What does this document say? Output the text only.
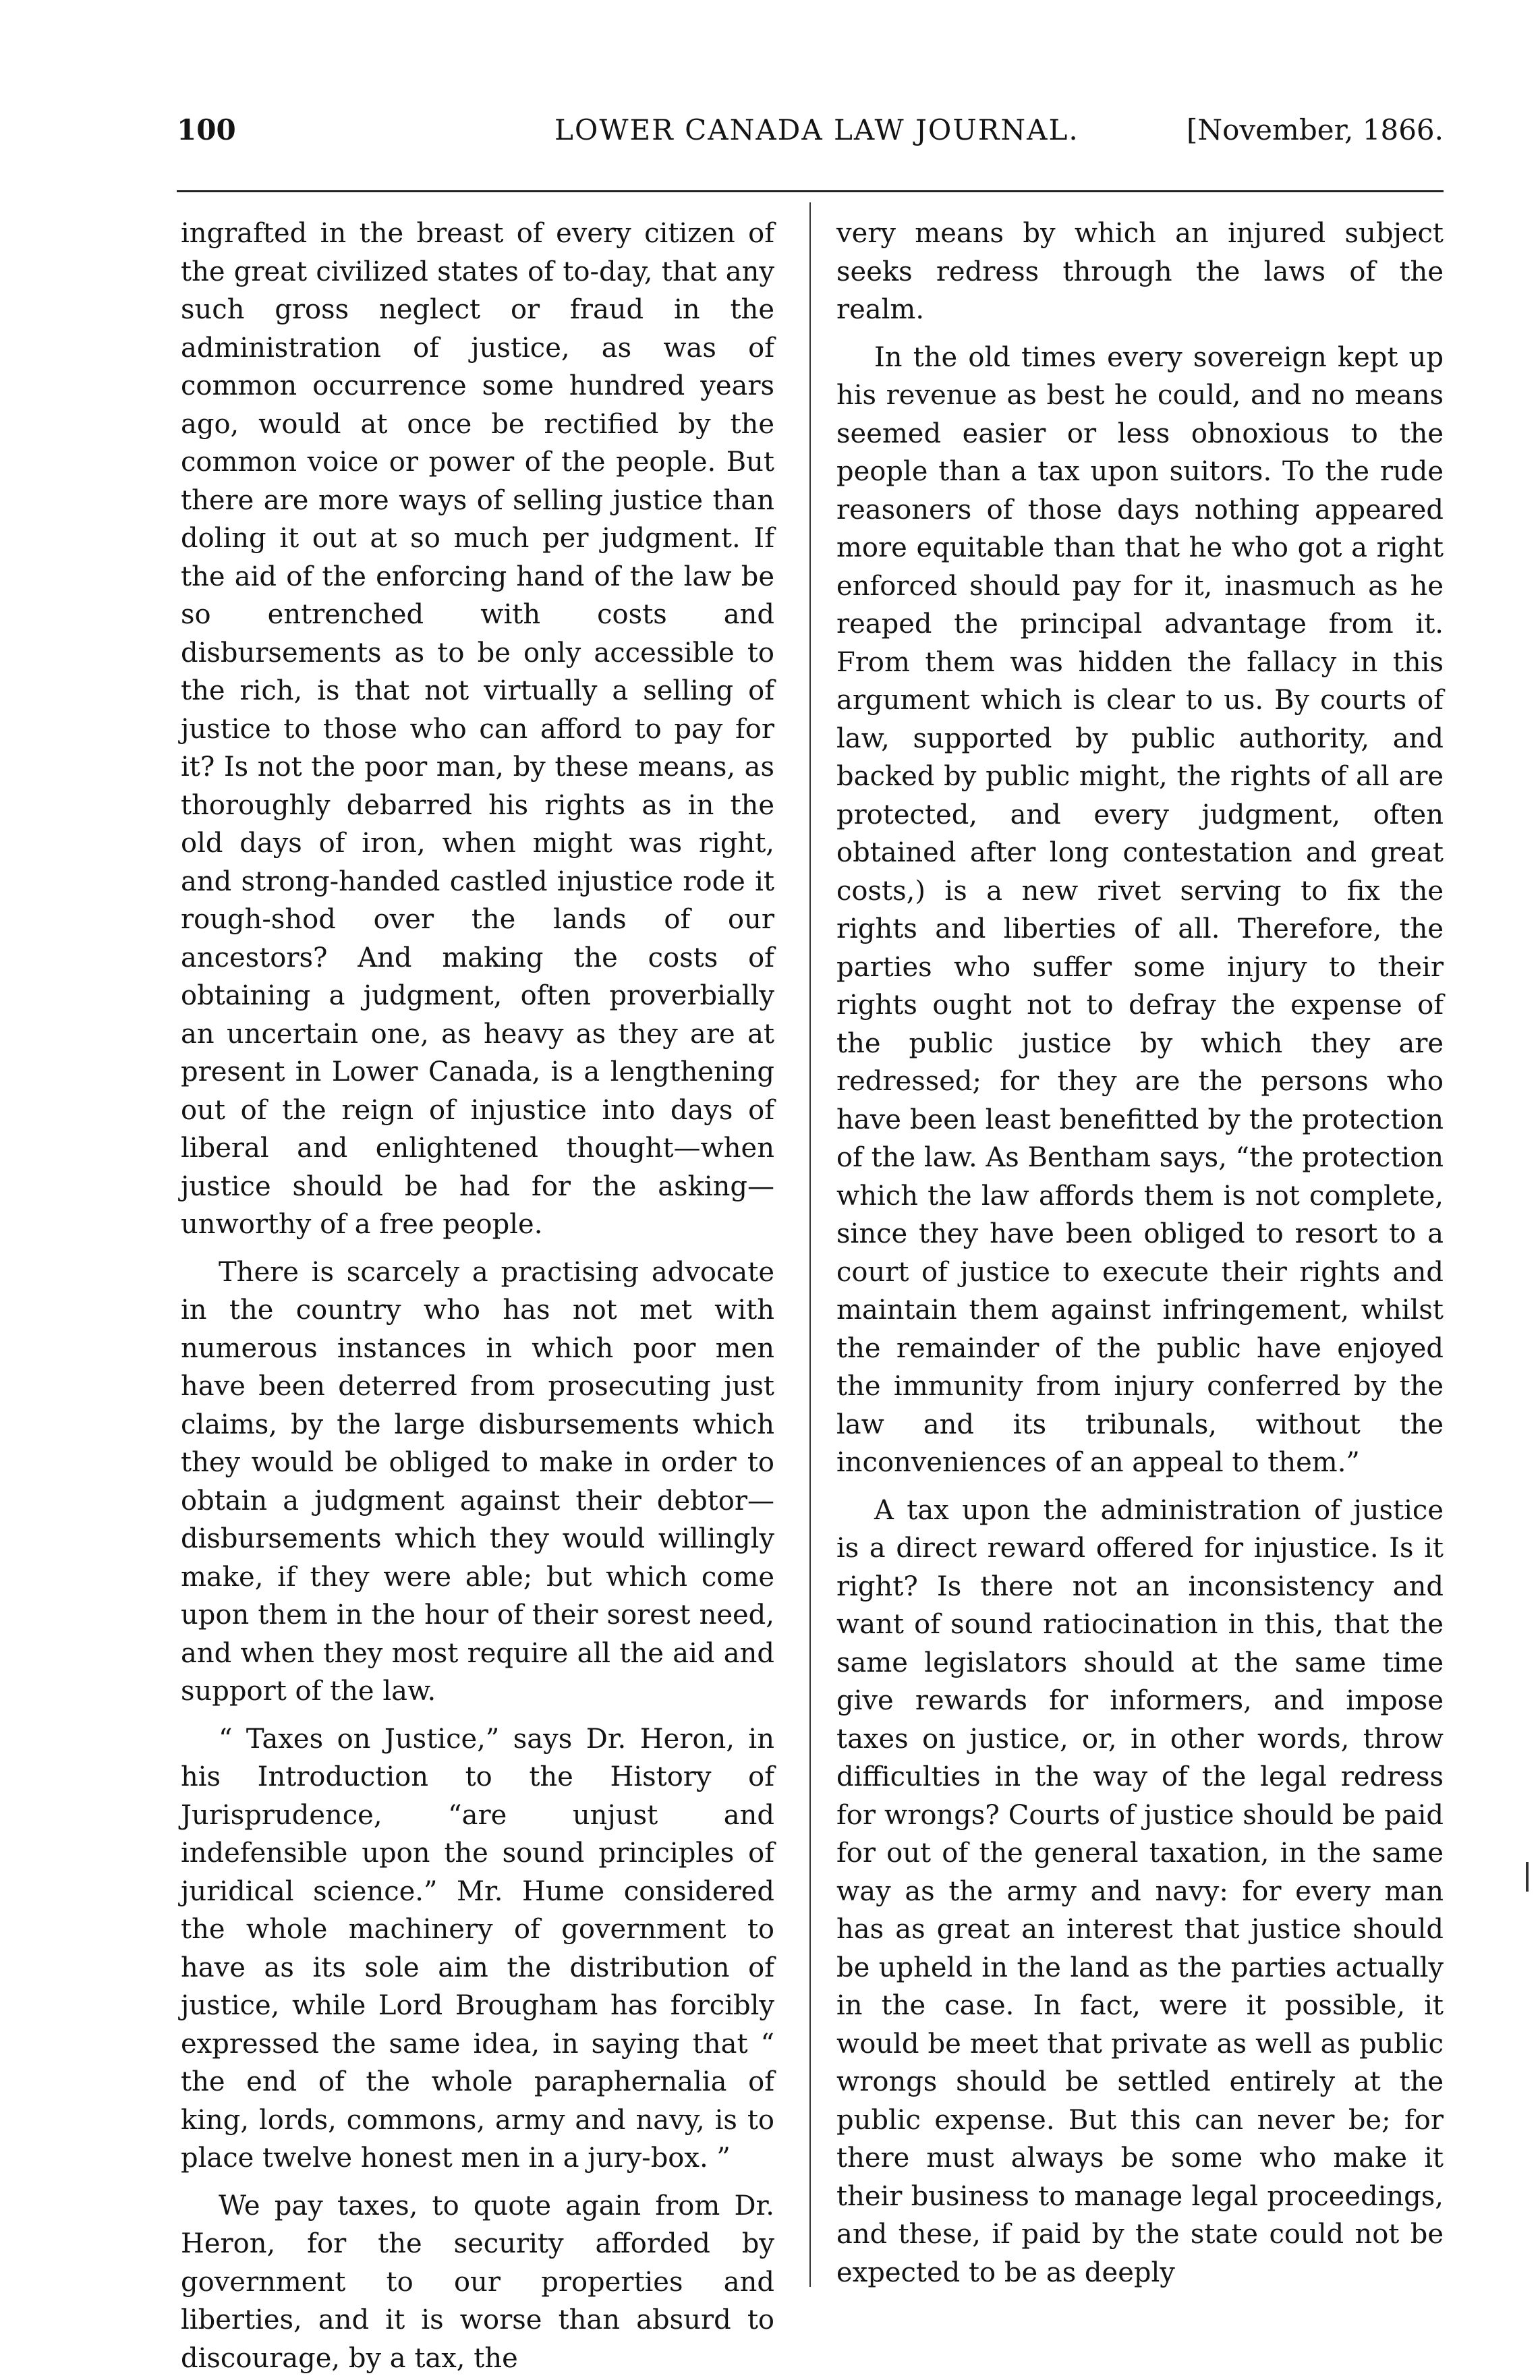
100	LOWER CANADA LAW JOURNAL.	[November, 1866.

ingrafted in the breast of every citizen of the great civilized states of to-day, that any such gross neglect or fraud in the administration of justice, as was of common occurrence some hundred years ago, would at once be rectified by the common voice or power of the people. But there are more ways of selling justice than doling it out at so much per judgment. If the aid of the enforcing hand of the law be so entrenched with costs and disbursements as to be only accessible to the rich, is that not virtually a selling of justice to those who can afford to pay for it? Is not the poor man, by these means, as thoroughly debarred his rights as in the old days of iron, when might was right, and strong-handed castled injustice rode it rough-shod over the lands of our ancestors? And making the costs of obtaining a judgment, often proverbially an uncertain one, as heavy as they are at present in Lower Canada, is a lengthening out of the reign of injustice into days of liberal and enlightened thought—when justice should be had for the asking—unworthy of a free people.

There is scarcely a practising advocate in the country who has not met with numerous instances in which poor men have been deterred from prosecuting just claims, by the large disbursements which they would be obliged to make in order to obtain a judgment against their debtor—disbursements which they would willingly make, if they were able; but which come upon them in the hour of their sorest need, and when they most require all the aid and support of the law.

“ Taxes on Justice,” says Dr. Heron, in his Introduction to the History of Jurisprudence, “are unjust and indefensible upon the sound principles of juridical science.” Mr. Hume considered the whole machinery of government to have as its sole aim the distribution of justice, while Lord Brougham has forcibly expressed the same idea, in saying that “ the end of the whole paraphernalia of king, lords, commons, army and navy, is to place twelve honest men in a jury-box. ”

We pay taxes, to quote again from Dr. Heron, for the security afforded by government to our properties and liberties, and it is worse than absurd to discourage, by a tax, the

very means by which an injured subject seeks redress through the laws of the realm.

In the old times every sovereign kept up his revenue as best he could, and no means seemed easier or less obnoxious to the people than a tax upon suitors. To the rude reasoners of those days nothing appeared more equitable than that he who got a right enforced should pay for it, inasmuch as he reaped the principal advantage from it. From them was hidden the fallacy in this argument which is clear to us. By courts of law, supported by public authority, and backed by public might, the rights of all are protected, and every judgment, often obtained after long contestation and great costs,) is a new rivet serving to fix the rights and liberties of all. Therefore, the parties who suffer some injury to their rights ought not to defray the expense of the public justice by which they are redressed; for they are the persons who have been least benefitted by the protection of the law. As Bentham says, “the protection which the law affords them is not complete, since they have been obliged to resort to a court of justice to execute their rights and maintain them against infringement, whilst the remainder of the public have enjoyed the immunity from injury conferred by the law and its tribunals, without the inconveniences of an appeal to them.”

A tax upon the administration of justice is a direct reward offered for injustice. Is it right? Is there not an inconsistency and want of sound ratiocination in this, that the same legislators should at the same time give rewards for informers, and impose taxes on justice, or, in other words, throw difficulties in the way of the legal redress for wrongs? Courts of justice should be paid for out of the general taxation, in the same way as the army and navy: for every man has as great an interest that justice should be upheld in the land as the parties actually in the case. In fact, were it possible, it would be meet that private as well as public wrongs should be settled entirely at the public expense. But this can never be; for there must always be some who make it their business to manage legal proceedings, and these, if paid by the state could not be expected to be as deeply
